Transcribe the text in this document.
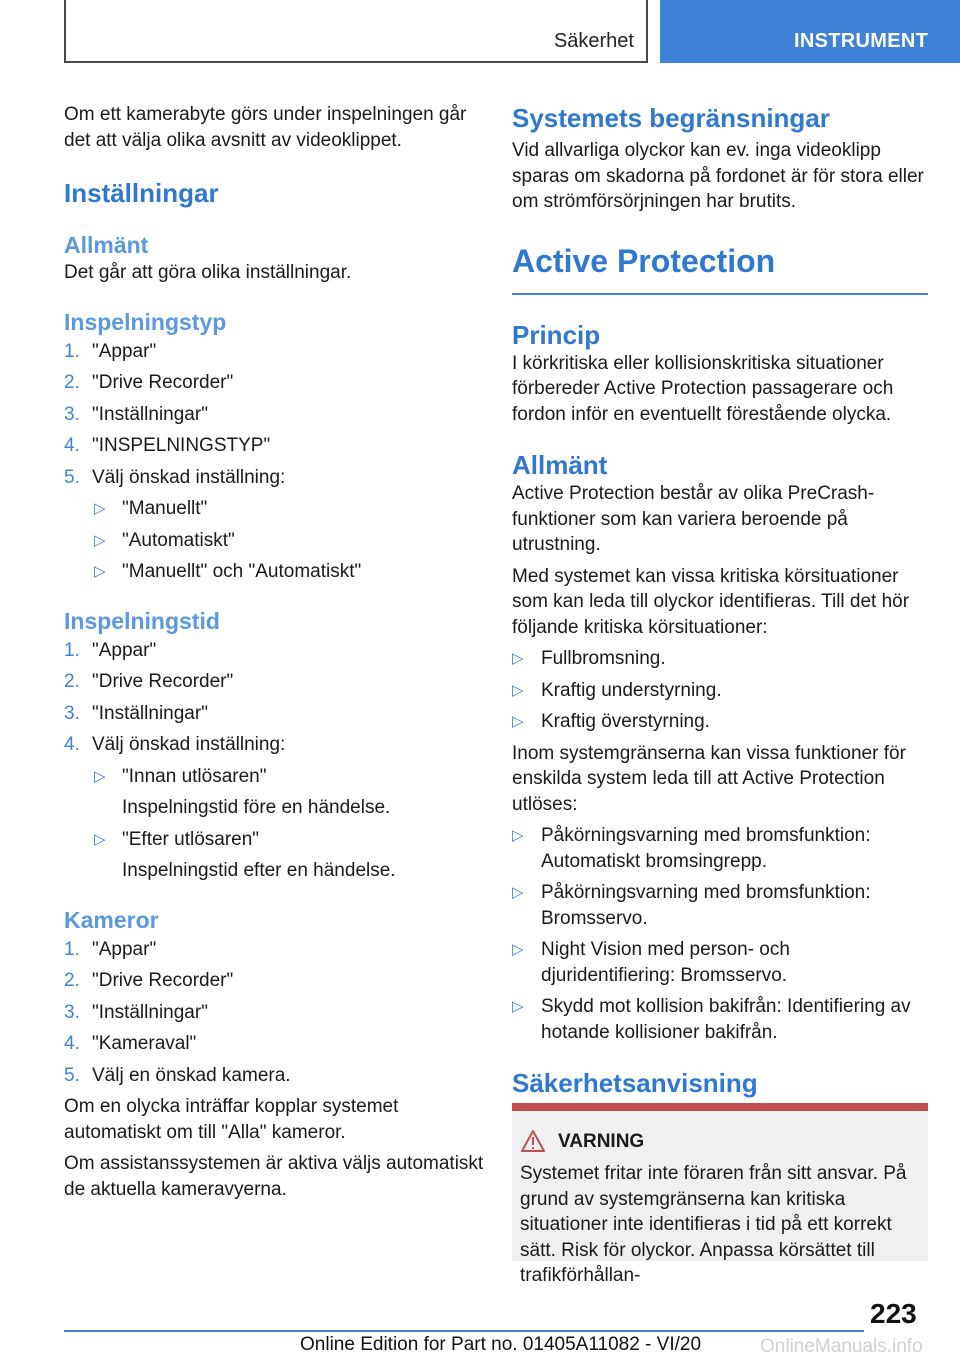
Säkerhet	INSTRUMENT

Om ett kamerabyte görs under inspelningen går det att välja olika avsnitt av videoklippet.

Inställningar
Allmänt

Det går att göra olika inställningar.

Inspelningstyp
1. "Appar"
2. "Drive Recorder"
3. "Inställningar"
4. "INSPELNINGSTYP"
5. Välj önskad inställning:
▷ "Manuellt"
▷ "Automatiskt"
▷ "Manuellt" och "Automatiskt"
Inspelningstid
1. "Appar"
2. "Drive Recorder"
3. "Inställningar"
4. Välj önskad inställning:
▷ "Innan utlösaren"
Inspelningstid före en händelse.
▷ "Efter utlösaren"
Inspelningstid efter en händelse.
Kameror
1. "Appar"
2. "Drive Recorder"
3. "Inställningar"
4. "Kameraval"
5. Välj en önskad kamera.

Om en olycka inträffar kopplar systemet automatiskt om till "Alla" kameror.

Om assistanssystemen är aktiva väljs automatiskt de aktuella kameravyerna.

Systemets begränsningar

Vid allvarliga olyckor kan ev. inga videoklipp sparas om skadorna på fordonet är för stora eller om strömförsörjningen har brutits.

Active Protection
Princip

I körkritiska eller kollisionskritiska situationer förbereder Active Protection passagerare och fordon inför en eventuellt förestående olycka.

Allmänt

Active Protection består av olika PreCrash-funktioner som kan variera beroende på utrustning.

Med systemet kan vissa kritiska körsituationer som kan leda till olyckor identifieras. Till det hör följande kritiska körsituationer:

▷ Fullbromsning.
▷ Kraftig understyrning.
▷ Kraftig överstyrning.

Inom systemgränserna kan vissa funktioner för enskilda system leda till att Active Protection utlöses:

▷ Påkörningsvarning med bromsfunktion: Automatiskt bromsingrepp.
▷ Påkörningsvarning med bromsfunktion: Bromsservo.
▷ Night Vision med person- och djuridentifiering: Bromsservo.
▷ Skydd mot kollision bakifrån: Identifiering av hotande kollisioner bakifrån.
Säkerhetsanvisning
VARNING
Systemet fritar inte föraren från sitt ansvar. På grund av systemgränserna kan kritiska situationer inte identifieras i tid på ett korrekt sätt. Risk för olyckor. Anpassa körsättet till trafikförhållan-
223
Online Edition for Part no. 01405A11082 - VI/20	OnlineManuals.info
